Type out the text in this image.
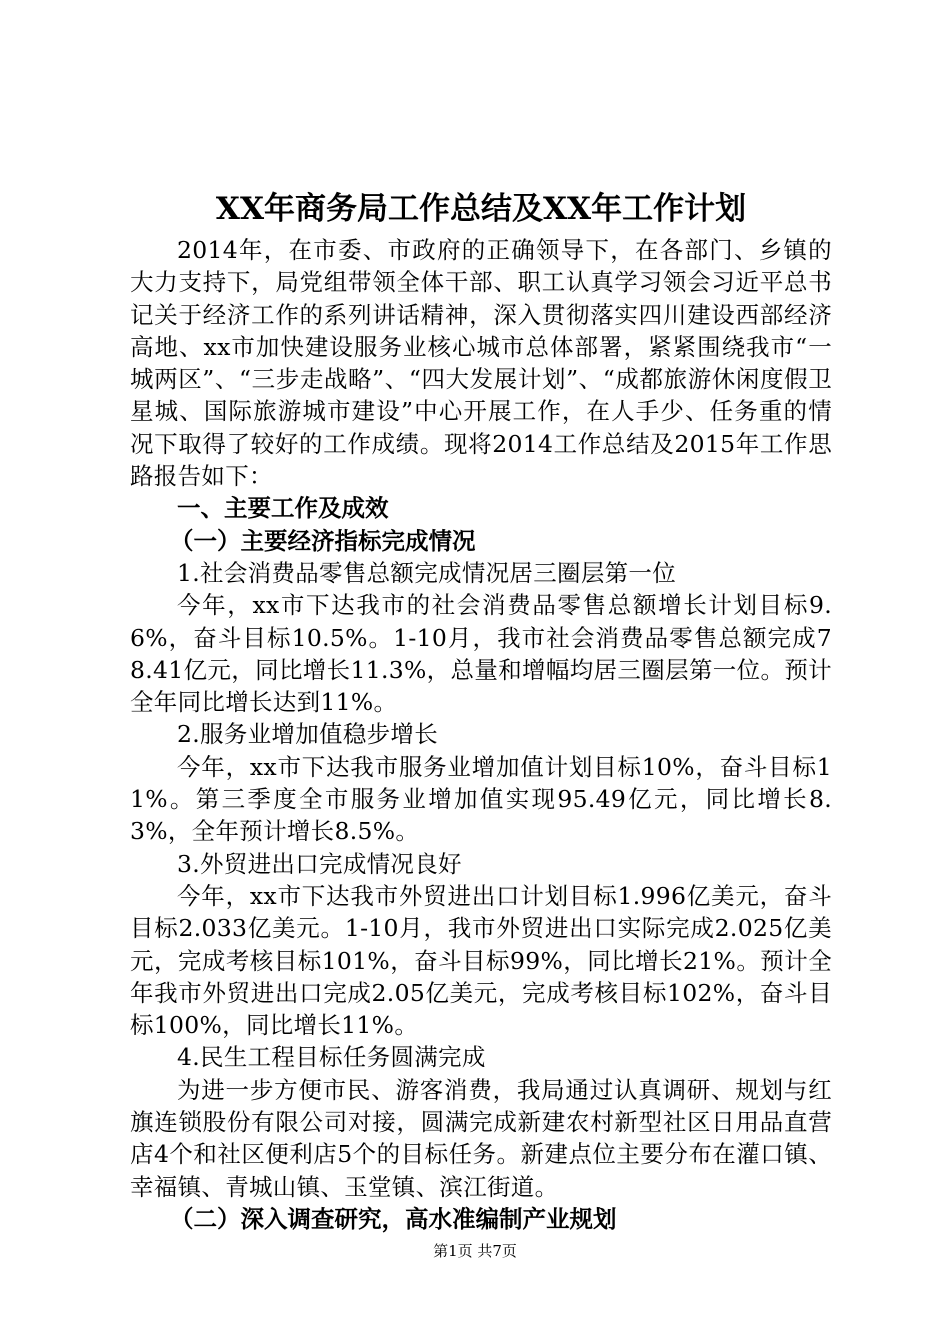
XX年商务局工作总结及XX年工作计划

2014年，在市委、市政府的正确领导下，在各部门、乡镇的大力支持下，局党组带领全体干部、职工认真学习领会习近平总书记关于经济工作的系列讲话精神，深入贯彻落实四川建设西部经济高地、xx市加快建设服务业核心城市总体部署，紧紧围绕我市“一城两区”、“三步走战略”、“四大发展计划”、“成都旅游休闲度假卫星城、国际旅游城市建设”中心开展工作，在人手少、任务重的情况下取得了较好的工作成绩。现将2014工作总结及2015年工作思路报告如下：

一、主要工作及成效

（一）主要经济指标完成情况

1.社会消费品零售总额完成情况居三圈层第一位

今年，xx市下达我市的社会消费品零售总额增长计划目标9.6%，奋斗目标10.5%。1-10月，我市社会消费品零售总额完成78.41亿元，同比增长11.3%，总量和增幅均居三圈层第一位。预计全年同比增长达到11%。

2.服务业增加值稳步增长

今年，xx市下达我市服务业增加值计划目标10%，奋斗目标11%。第三季度全市服务业增加值实现95.49亿元，同比增长8.3%，全年预计增长8.5%。

3.外贸进出口完成情况良好

今年，xx市下达我市外贸进出口计划目标1.996亿美元，奋斗目标2.033亿美元。1-10月，我市外贸进出口实际完成2.025亿美元，完成考核目标101%，奋斗目标99%，同比增长21%。预计全年我市外贸进出口完成2.05亿美元，完成考核目标102%，奋斗目标100%，同比增长11%。

4.民生工程目标任务圆满完成

为进一步方便市民、游客消费，我局通过认真调研、规划与红旗连锁股份有限公司对接，圆满完成新建农村新型社区日用品直营店4个和社区便利店5个的目标任务。新建点位主要分布在灌口镇、幸福镇、青城山镇、玉堂镇、滨江街道。

（二）深入调查研究，高水准编制产业规划

第1页 共7页
